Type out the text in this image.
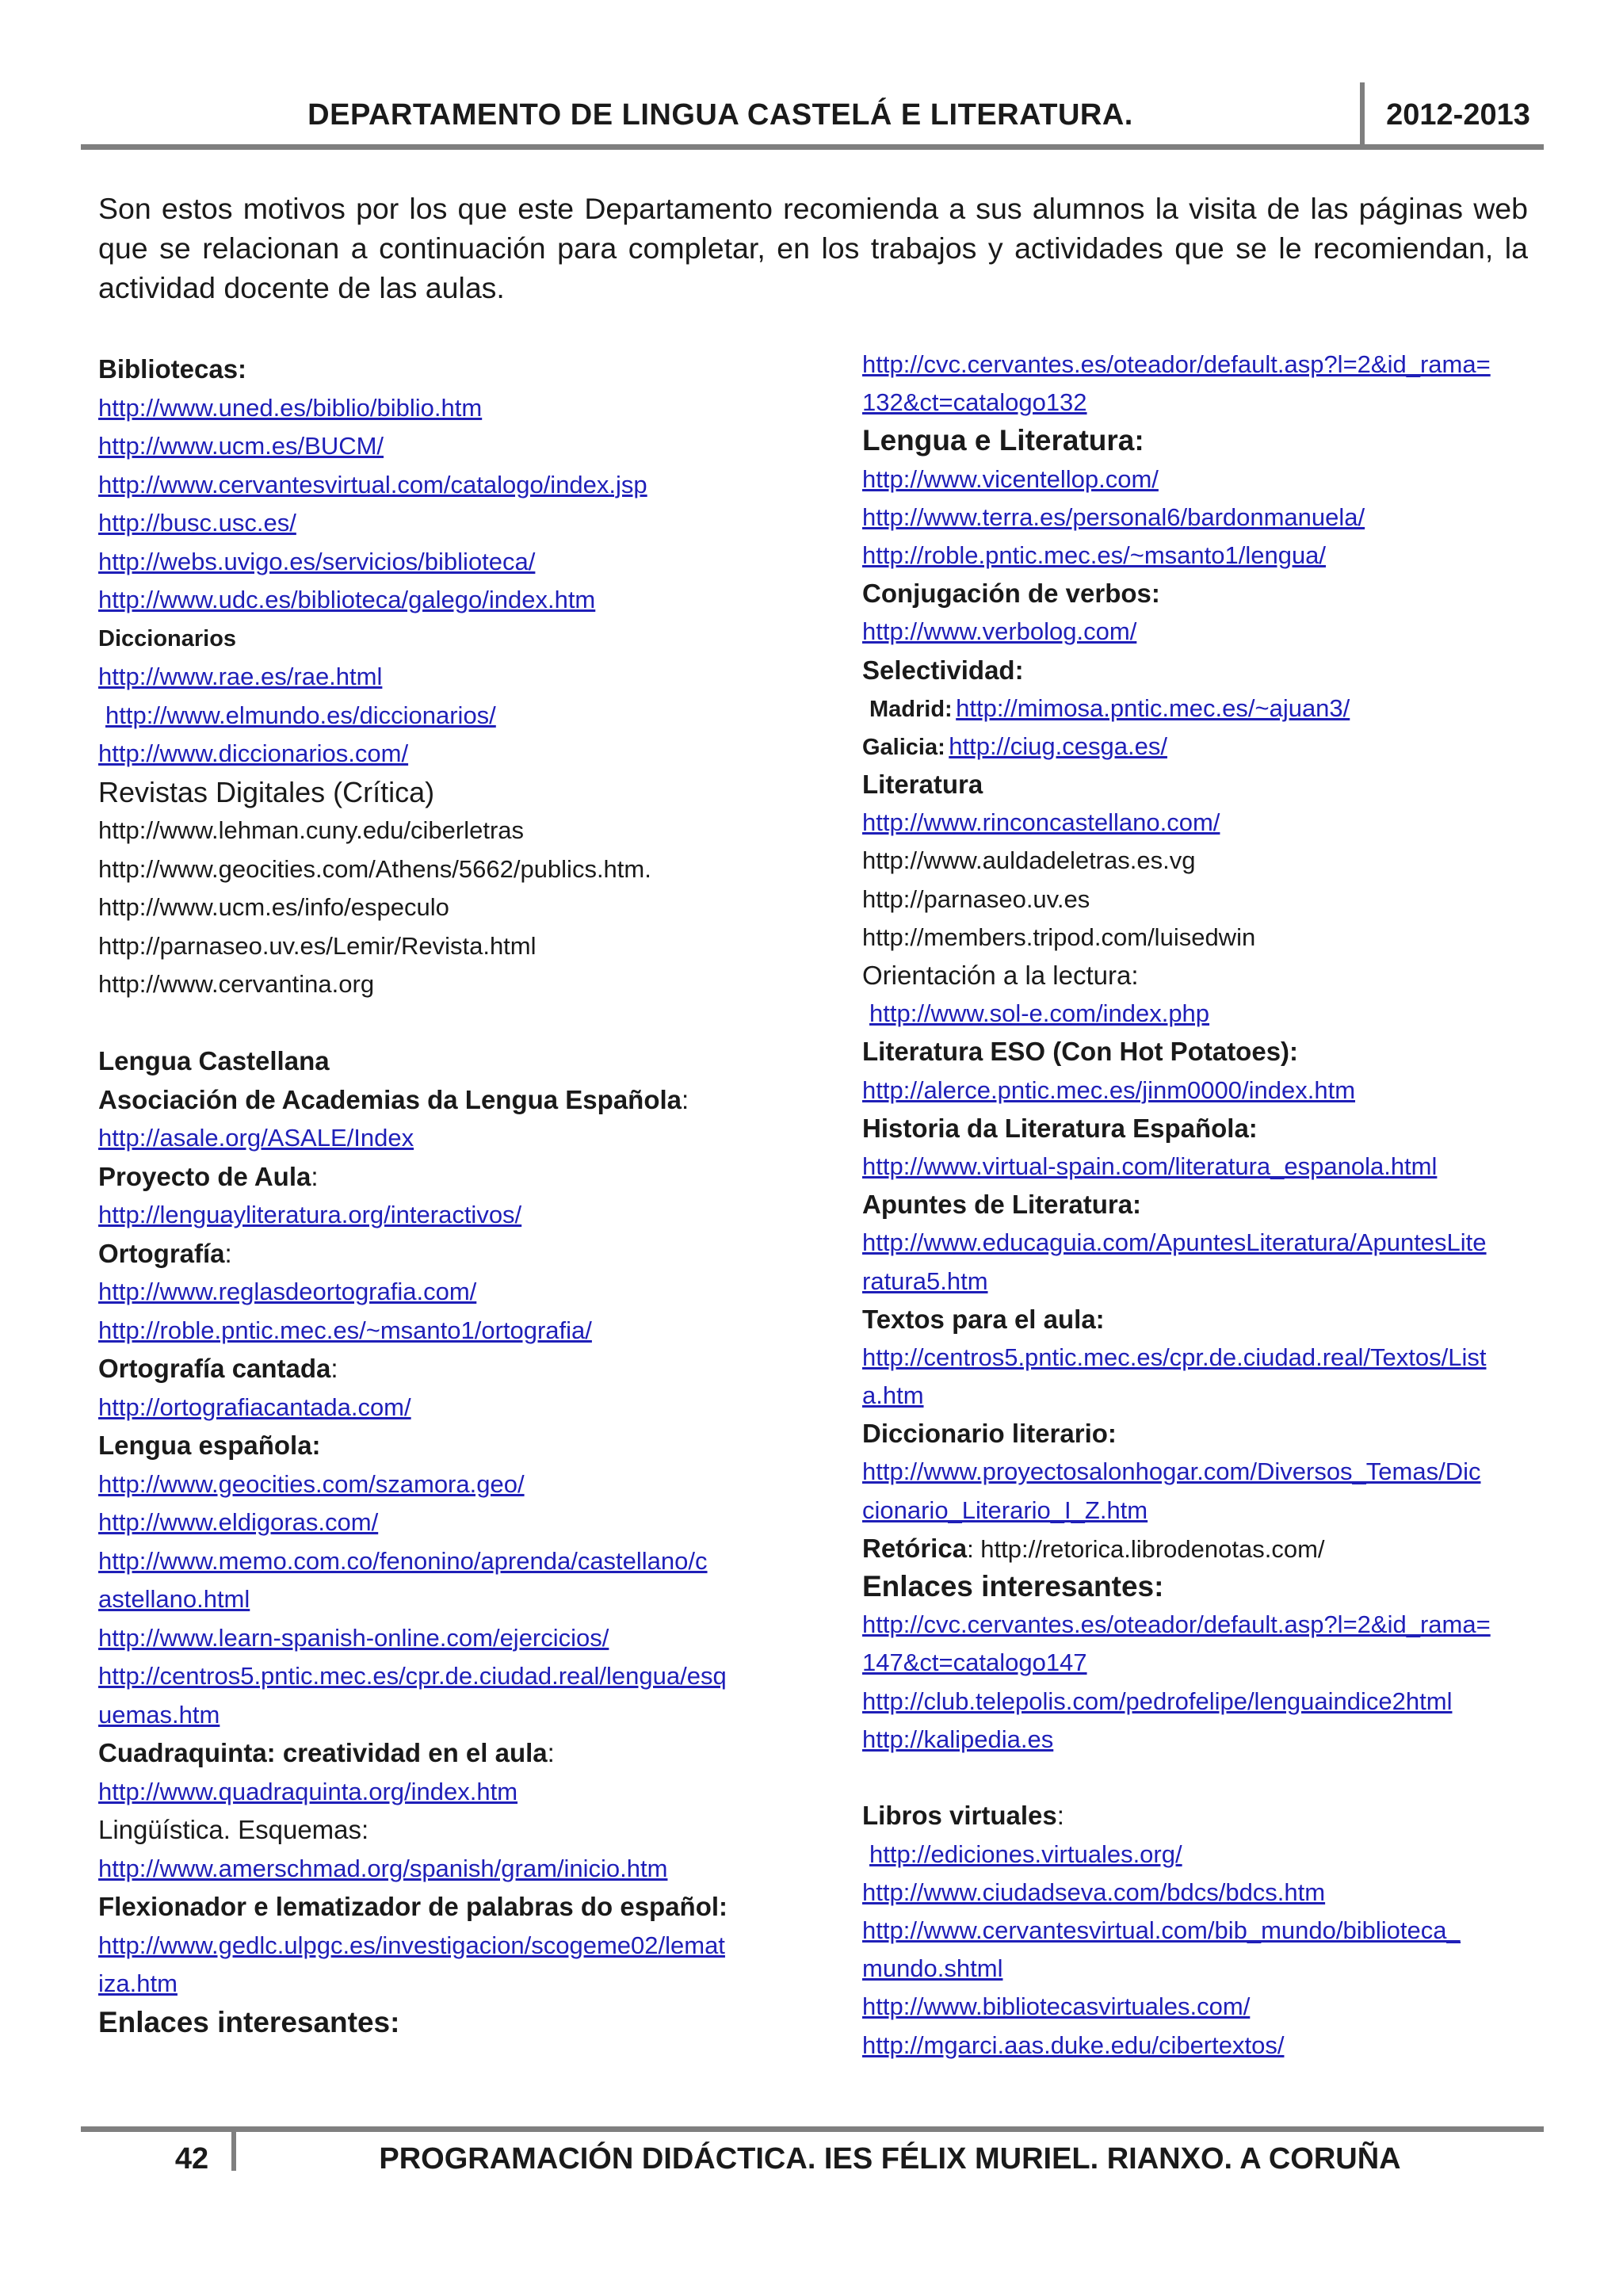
DEPARTAMENTO DE LINGUA CASTELÁ E LITERATURA.	2012-2013
Son estos motivos por los que este Departamento recomienda a sus alumnos la visita de las páginas web que se relacionan a continuación para completar, en los trabajos y actividades que se le recomiendan, la actividad docente de las aulas.
Bibliotecas:
http://www.uned.es/biblio/biblio.htm
http://www.ucm.es/BUCM/
http://www.cervantesvirtual.com/catalogo/index.jsp
http://busc.usc.es/
http://webs.uvigo.es/servicios/biblioteca/
http://www.udc.es/biblioteca/galego/index.htm
Diccionarios
http://www.rae.es/rae.html
http://www.elmundo.es/diccionarios/
http://www.diccionarios.com/
Revistas Digitales (Crítica)
http://www.lehman.cuny.edu/ciberletras
http://www.geocities.com/Athens/5662/publics.htm.
http://www.ucm.es/info/especulo
http://parnaseo.uv.es/Lemir/Revista.html
http://www.cervantina.org
Lengua Castellana
Asociación de Academias da Lengua Española:
http://asale.org/ASALE/Index
Proyecto de Aula:
http://lenguayliteratura.org/interactivos/
Ortografía:
http://www.reglasdeortografia.com/
http://roble.pntic.mec.es/~msanto1/ortografia/
Ortografía cantada:
http://ortografiacantada.com/
Lengua española:
http://www.geocities.com/szamora.geo/
http://www.eldigoras.com/
http://www.memo.com.co/fenonino/aprenda/castellano/c
astellano.html
http://www.learn-spanish-online.com/ejercicios/
http://centros5.pntic.mec.es/cpr.de.ciudad.real/lengua/esq
uemas.htm
Cuadraquinta: creatividad en el aula:
http://www.quadraquinta.org/index.htm
Lingüística. Esquemas:
http://www.amerschmad.org/spanish/gram/inicio.htm
Flexionador e lematizador de palabras do español:
http://www.gedlc.ulpgc.es/investigacion/scogeme02/lemat
iza.htm
Enlaces interesantes:
http://cvc.cervantes.es/oteador/default.asp?l=2&id_rama=
132&ct=catalogo132
Lengua e Literatura:
http://www.vicentellop.com/
http://www.terra.es/personal6/bardonmanuela/
http://roble.pntic.mec.es/~msanto1/lengua/
Conjugación de verbos:
http://www.verbolog.com/
Selectividad:
Madrid: http://mimosa.pntic.mec.es/~ajuan3/
Galicia: http://ciug.cesga.es/
Literatura
http://www.rinconcastellano.com/
http://www.auldadeletras.es.vg
http://parnaseo.uv.es
http://members.tripod.com/luisedwin
Orientación a la lectura:
http://www.sol-e.com/index.php
Literatura ESO (Con Hot Potatoes):
http://alerce.pntic.mec.es/jinm0000/index.htm
Historia da Literatura Española:
http://www.virtual-spain.com/literatura_espanola.html
Apuntes de Literatura:
http://www.educaguia.com/ApuntesLiteratura/ApuntesLite
ratura5.htm
Textos para el aula:
http://centros5.pntic.mec.es/cpr.de.ciudad.real/Textos/List
a.htm
Diccionario literario:
http://www.proyectosalonhogar.com/Diversos_Temas/Dic
cionario_Literario_I_Z.htm
Retórica: http://retorica.librodenotas.com/
Enlaces interesantes:
http://cvc.cervantes.es/oteador/default.asp?l=2&id_rama=
147&ct=catalogo147
http://club.telepolis.com/pedrofelipe/lenguaindice2html
http://kalipedia.es
Libros virtuales:
http://ediciones.virtuales.org/
http://www.ciudadseva.com/bdcs/bdcs.htm
http://www.cervantesvirtual.com/bib_mundo/biblioteca_
mundo.shtml
http://www.bibliotecasvirtuales.com/
http://mgarci.aas.duke.edu/cibertextos/
42	PROGRAMACIÓN DIDÁCTICA. IES FÉLIX MURIEL. RIANXO. A CORUÑA
